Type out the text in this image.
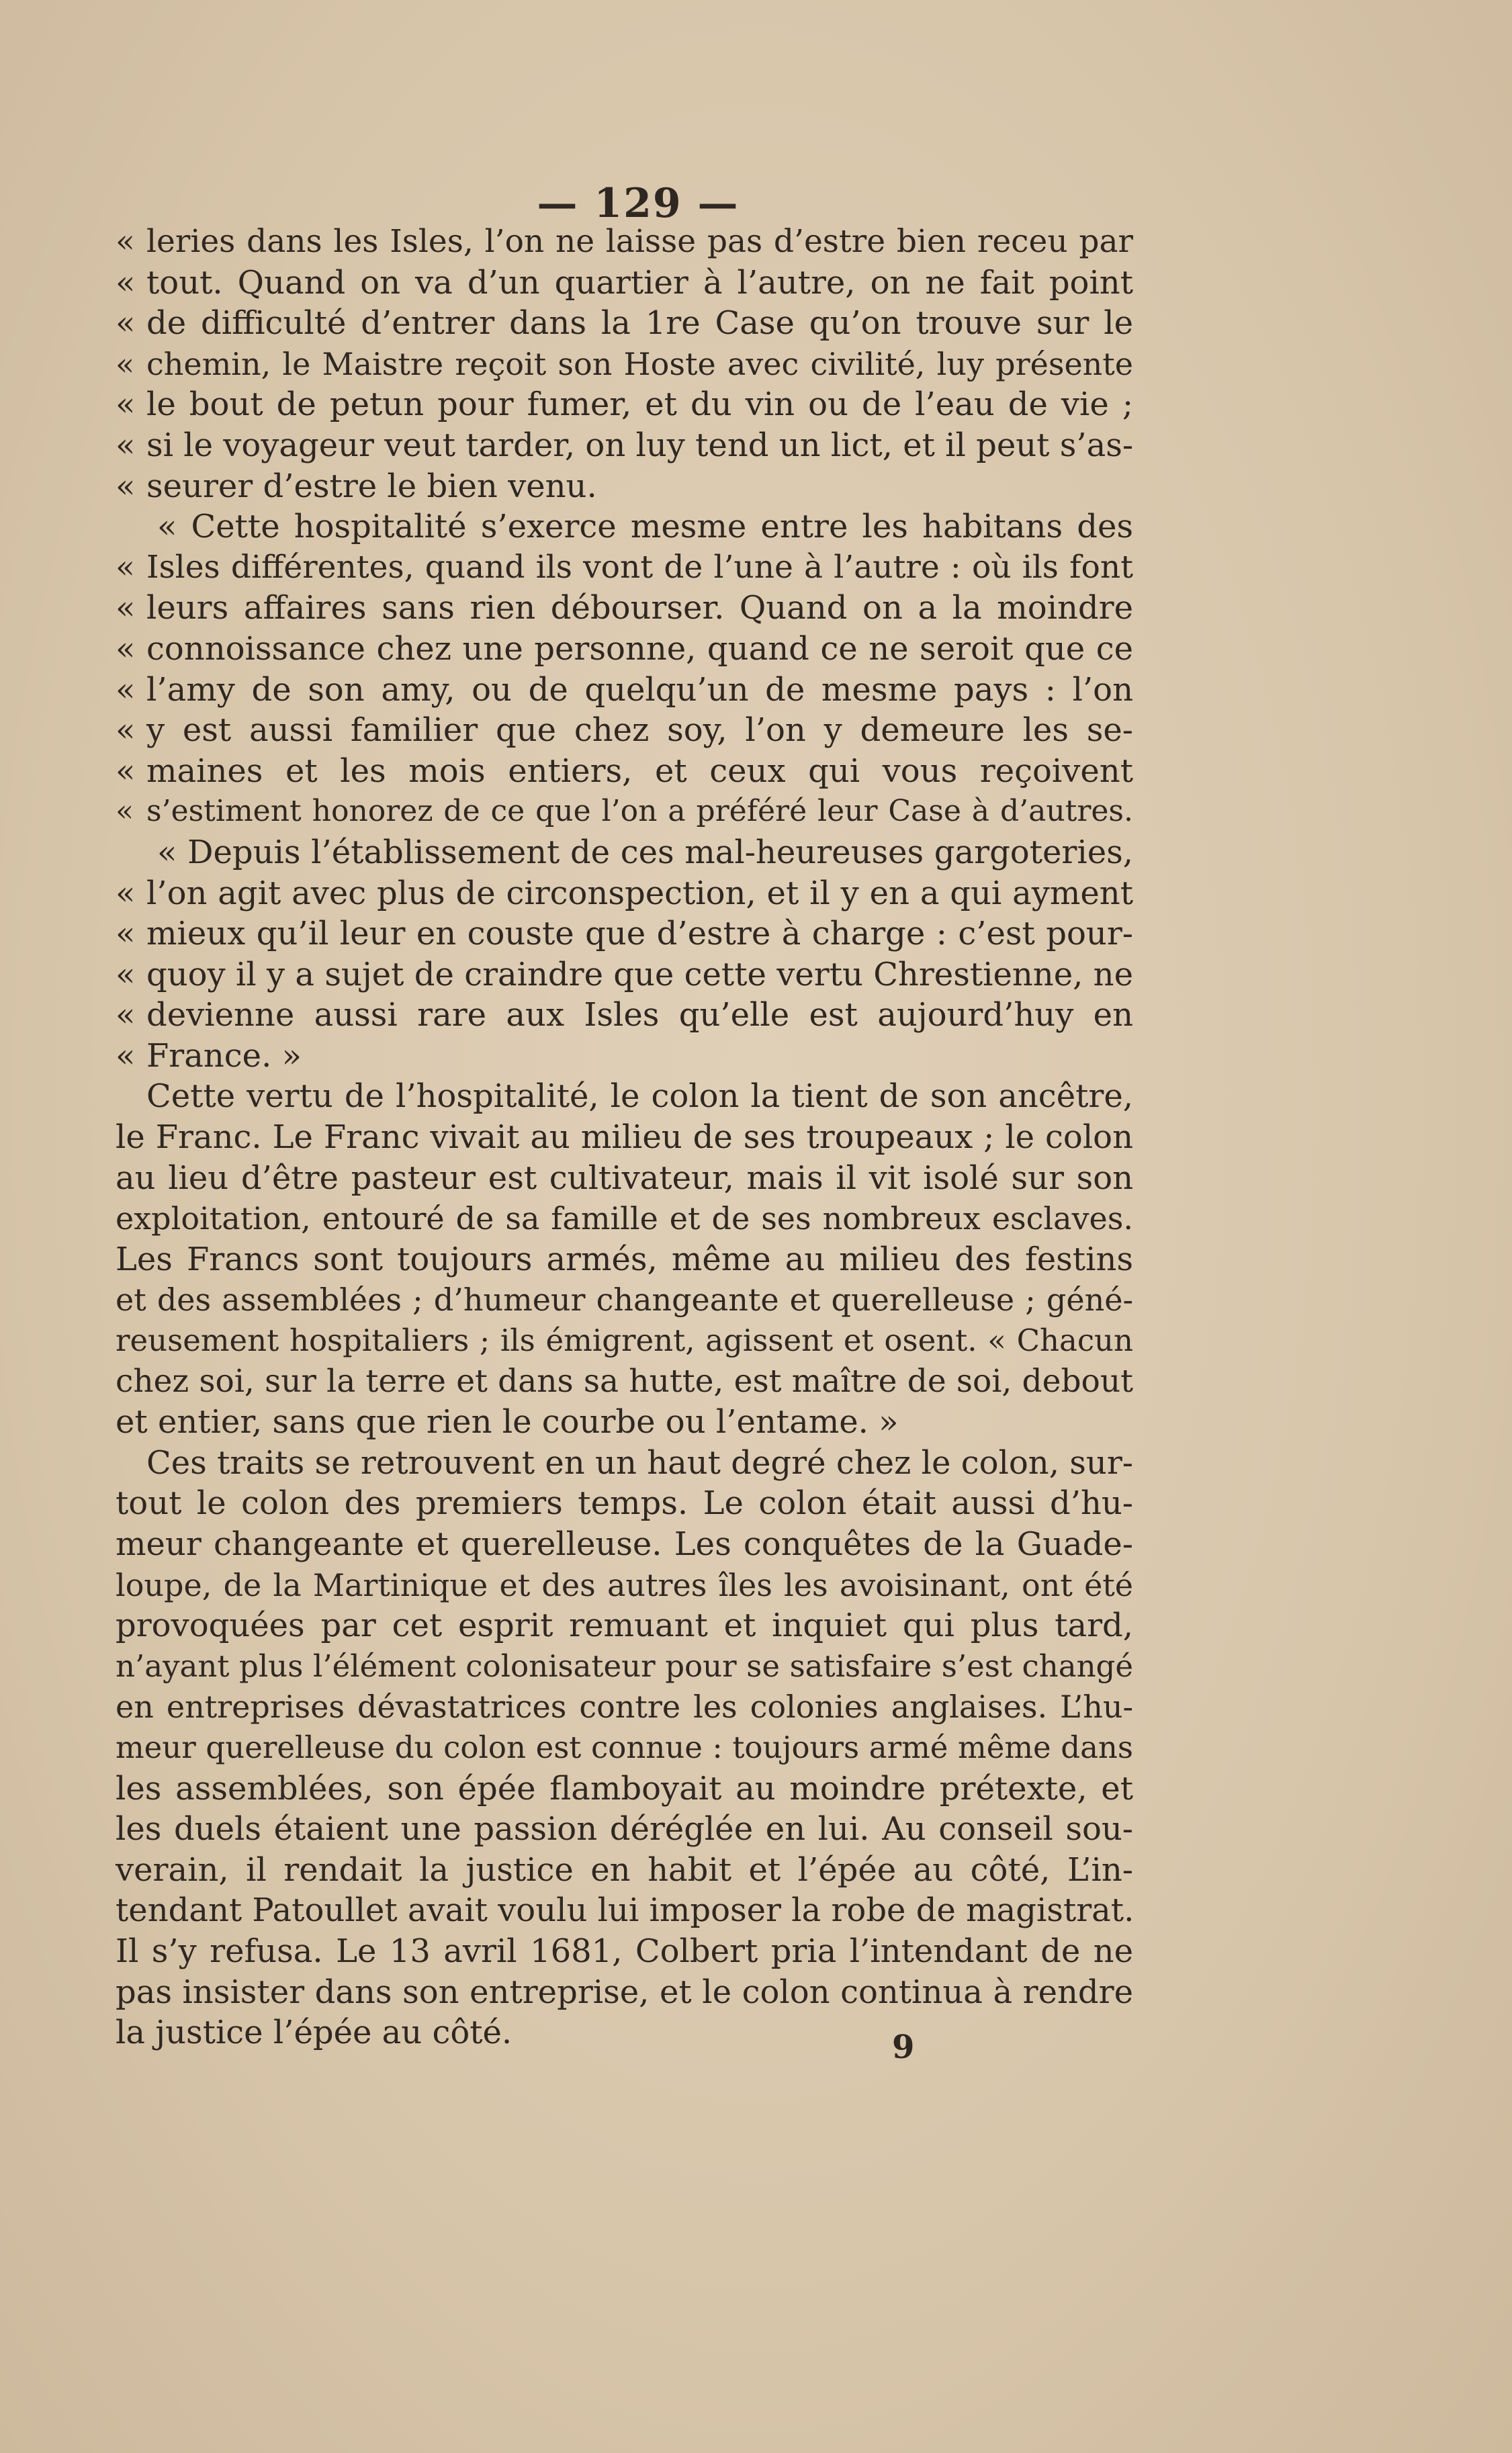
— 129 —
« leries dans les Isles, l’on ne laisse pas d’estre bien receu par
« tout. Quand on va d’un quartier à l’autre, on ne fait point
« de difficulté d’entrer dans la 1re Case qu’on trouve sur le
« chemin, le Maistre reçoit son Hoste avec civilité, luy présente
« le bout de petun pour fumer, et du vin ou de l’eau de vie ;
« si le voyageur veut tarder, on luy tend un lict, et il peut s’as-
« seurer d’estre le bien venu.
« Cette hospitalité s’exerce mesme entre les habitans des
« Isles différentes, quand ils vont de l’une à l’autre : où ils font
« leurs affaires sans rien débourser. Quand on a la moindre
« connoissance chez une personne, quand ce ne seroit que ce
« l’amy de son amy, ou de quelqu’un de mesme pays : l’on
« y est aussi familier que chez soy, l’on y demeure les se-
« maines et les mois entiers, et ceux qui vous reçoivent
« s’estiment honorez de ce que l’on a préféré leur Case à d’autres.
« Depuis l’établissement de ces mal-heureuses gargoteries,
« l’on agit avec plus de circonspection, et il y en a qui ayment
« mieux qu’il leur en couste que d’estre à charge : c’est pour-
« quoy il y a sujet de craindre que cette vertu Chrestienne, ne
« devienne aussi rare aux Isles qu’elle est aujourd’huy en
« France. »
Cette vertu de l’hospitalité, le colon la tient de son ancêtre,
le Franc. Le Franc vivait au milieu de ses troupeaux ; le colon
au lieu d’être pasteur est cultivateur, mais il vit isolé sur son
exploitation, entouré de sa famille et de ses nombreux esclaves.
Les Francs sont toujours armés, même au milieu des festins
et des assemblées ; d’humeur changeante et querelleuse ; géné-
reusement hospitaliers ; ils émigrent, agissent et osent. « Chacun
chez soi, sur la terre et dans sa hutte, est maître de soi, debout
et entier, sans que rien le courbe ou l’entame. »
Ces traits se retrouvent en un haut degré chez le colon, sur-
tout le colon des premiers temps. Le colon était aussi d’hu-
meur changeante et querelleuse. Les conquêtes de la Guade-
loupe, de la Martinique et des autres îles les avoisinant, ont été
provoquées par cet esprit remuant et inquiet qui plus tard,
n’ayant plus l’élément colonisateur pour se satisfaire s’est changé
en entreprises dévastatrices contre les colonies anglaises. L’hu-
meur querelleuse du colon est connue : toujours armé même dans
les assemblées, son épée flamboyait au moindre prétexte, et
les duels étaient une passion déréglée en lui. Au conseil sou-
verain, il rendait la justice en habit et l’épée au côté, L’in-
tendant Patoullet avait voulu lui imposer la robe de magistrat.
Il s’y refusa. Le 13 avril 1681, Colbert pria l’intendant de ne
pas insister dans son entreprise, et le colon continua à rendre
la justice l’épée au côté.	9
